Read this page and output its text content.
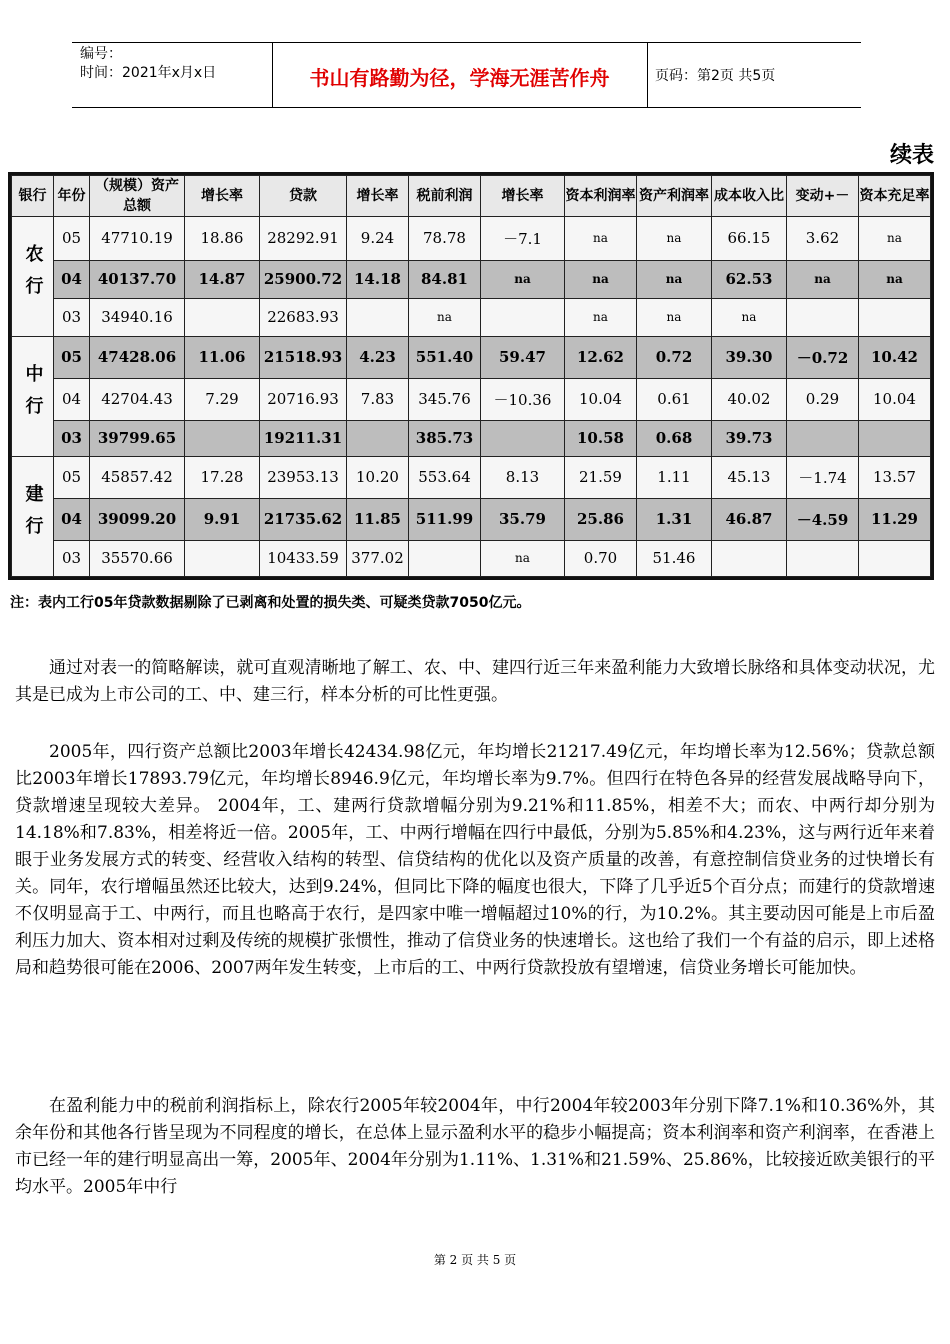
编号：
时间：2021年x月x日	书山有路勤为径，学海无涯苦作舟	页码：第2页 共5页
续表
银行	年份	（规模）资产总额	增长率	贷款	增长率	税前利润	增长率	资本利润率	资产利润率	成本收入比	变动+－	资本充足率
农行	05	47710.19	18.86	28292.91	9.24	78.78	－7.1	na	na	66.15	3.62	na
	04	40137.70	14.87	25900.72	14.18	84.81	na	na	na	62.53	na	na
	03	34940.16		22683.93		na		na	na	na		
中行	05	47428.06	11.06	21518.93	4.23	551.40	59.47	12.62	0.72	39.30	－0.72	10.42
	04	42704.43	7.29	20716.93	7.83	345.76	－10.36	10.04	0.61	40.02	0.29	10.04
	03	39799.65		19211.31		385.73		10.58	0.68	39.73		
建行	05	45857.42	17.28	23953.13	10.20	553.64	8.13	21.59	1.11	45.13	－1.74	13.57
	04	39099.20	9.91	21735.62	11.85	511.99	35.79	25.86	1.31	46.87	－4.59	11.29
	03	35570.66		10433.59	377.02		na	0.70	51.46			
注：表内工行05年贷款数据剔除了已剥离和处置的损失类、可疑类贷款7050亿元。
通过对表一的简略解读，就可直观清晰地了解工、农、中、建四行近三年来盈利能力大致增长脉络和具体变动状况，尤其是已成为上市公司的工、中、建三行，样本分析的可比性更强。
2005年，四行资产总额比2003年增长42434.98亿元，年均增长21217.49亿元，年均增长率为12.56%；贷款总额比2003年增长17893.79亿元，年均增长8946.9亿元，年均增长率为9.7%。但四行在特色各异的经营发展战略导向下，贷款增速呈现较大差异。 2004年，工、建两行贷款增幅分别为9.21%和11.85%，相差不大；而农、中两行却分别为 14.18%和7.83%，相差将近一倍。2005年，工、中两行增幅在四行中最低，分别为5.85%和4.23%，这与两行近年来着眼于业务发展方式的转变、经营收入结构的转型、信贷结构的优化以及资产质量的改善，有意控制信贷业务的过快增长有关。同年，农行增幅虽然还比较大，达到9.24%，但同比下降的幅度也很大，下降了几乎近5个百分点；而建行的贷款增速不仅明显高于工、中两行，而且也略高于农行，是四家中唯一增幅超过10%的行，为10.2%。其主要动因可能是上市后盈利压力加大、资本相对过剩及传统的规模扩张惯性，推动了信贷业务的快速增长。这也给了我们一个有益的启示，即上述格局和趋势很可能在2006、2007两年发生转变，上市后的工、中两行贷款投放有望增速，信贷业务增长可能加快。
在盈利能力中的税前利润指标上，除农行2005年较2004年，中行2004年较2003年分别下降7.1%和10.36%外，其余年份和其他各行皆呈现为不同程度的增长，在总体上显示盈利水平的稳步小幅提高；资本利润率和资产利润率，在香港上市已经一年的建行明显高出一筹，2005年、2004年分别为1.11%、1.31%和21.59%、25.86%，比较接近欧美银行的平均水平。2005年中行
第 2 页 共 5 页
